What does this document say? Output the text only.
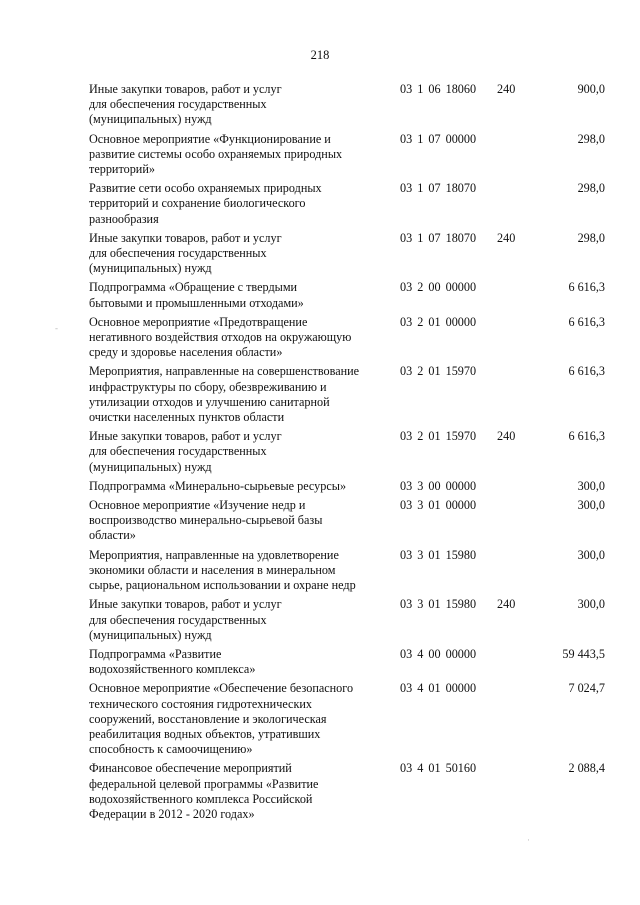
218
Иные закупки товаров, работ и услуг
для обеспечения государственных
(муниципальных) нужд
03 1 06 18060 240	900,0
Основное мероприятие «Функционирование и
развитие системы особо охраняемых природных
территорий»
03 1 07 00000	298,0
Развитие сети особо охраняемых природных
территорий и сохранение биологического
разнообразия
03 1 07 18070	298,0
Иные закупки товаров, работ и услуг
для обеспечения государственных
(муниципальных) нужд
03 1 07 18070 240	298,0
Подпрограмма «Обращение с твердыми
бытовыми и промышленными отходами»
03 2 00 00000	6 616,3
Основное мероприятие «Предотвращение
негативного воздействия отходов на окружающую
среду и здоровье населения области»
03 2 01 00000	6 616,3
Мероприятия, направленные на совершенствование
инфраструктуры по сбору, обезвреживанию и
утилизации отходов и улучшению санитарной
очистки населенных пунктов области
03 2 01 15970	6 616,3
Иные закупки товаров, работ и услуг
для обеспечения государственных
(муниципальных) нужд
03 2 01 15970 240	6 616,3
Подпрограмма «Минерально-сырьевые ресурсы»	03 3 00 00000	300,0
Основное мероприятие «Изучение недр и
воспроизводство минерально-сырьевой базы
области»
03 3 01 00000	300,0
Мероприятия, направленные на удовлетворение
экономики области и населения в минеральном
сырье, рациональном использовании и охране недр
03 3 01 15980	300,0
Иные закупки товаров, работ и услуг
для обеспечения государственных
(муниципальных) нужд
03 3 01 15980 240	300,0
Подпрограмма «Развитие
водохозяйственного комплекса»
03 4 00 00000	59 443,5
Основное мероприятие «Обеспечение безопасного
технического состояния гидротехнических
сооружений, восстановление и экологическая
реабилитация водных объектов, утративших
способность к самоочищению»
03 4 01 00000	7 024,7
Финансовое обеспечение мероприятий
федеральной целевой программы «Развитие
водохозяйственного комплекса Российской
Федерации в 2012 - 2020 годах»
03 4 01 50160	2 088,4
-
·
